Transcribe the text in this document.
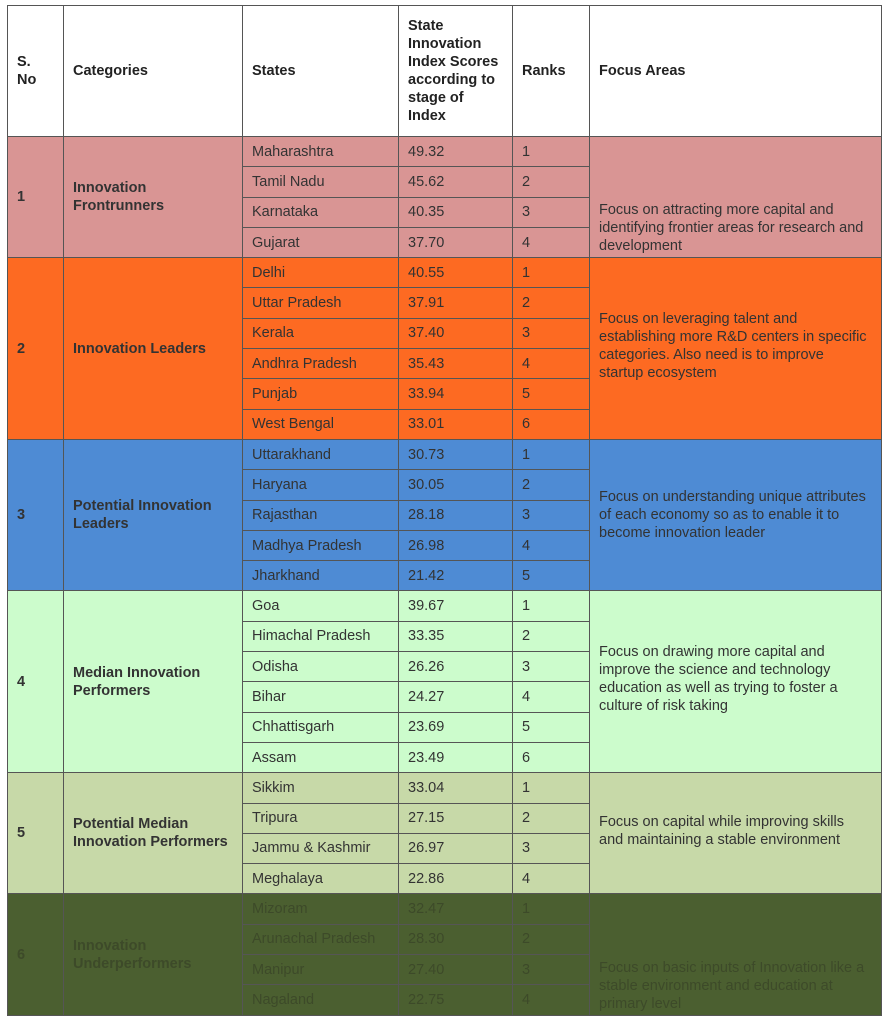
S. No	Categories	States	State Innovation Index Scores according to stage of Index	Ranks	Focus Areas
1	Innovation Frontrunners	Maharashtra	49.32	1	Focus on attracting more capital and identifying frontier areas for research and development
		Tamil Nadu	45.62	2	
		Karnataka	40.35	3	
		Gujarat	37.70	4	
2	Innovation Leaders	Delhi	40.55	1	Focus on leveraging talent and establishing more R&D centers in specific categories. Also need is to improve startup ecosystem
		Uttar Pradesh	37.91	2	
		Kerala	37.40	3	
		Andhra Pradesh	35.43	4	
		Punjab	33.94	5	
		West Bengal	33.01	6	
3	Potential Innovation Leaders	Uttarakhand	30.73	1	Focus on understanding unique attributes of each economy so as to enable it to become innovation leader
		Haryana	30.05	2	
		Rajasthan	28.18	3	
		Madhya Pradesh	26.98	4	
		Jharkhand	21.42	5	
4	Median Innovation Performers	Goa	39.67	1	Focus on drawing more capital and improve the science and technology education as well as trying to foster a culture of risk taking
		Himachal Pradesh	33.35	2	
		Odisha	26.26	3	
		Bihar	24.27	4	
		Chhattisgarh	23.69	5	
		Assam	23.49	6	
5	Potential Median Innovation Performers	Sikkim	33.04	1	Focus on capital while improving skills and maintaining a stable environment
		Tripura	27.15	2	
		Jammu & Kashmir	26.97	3	
		Meghalaya	22.86	4	
6	Innovation Underperformers	Mizoram	32.47	1	Focus on basic inputs of Innovation like a stable environment and education at primary level
		Arunachal Pradesh	28.30	2	
		Manipur	27.40	3	
		Nagaland	22.75	4	
